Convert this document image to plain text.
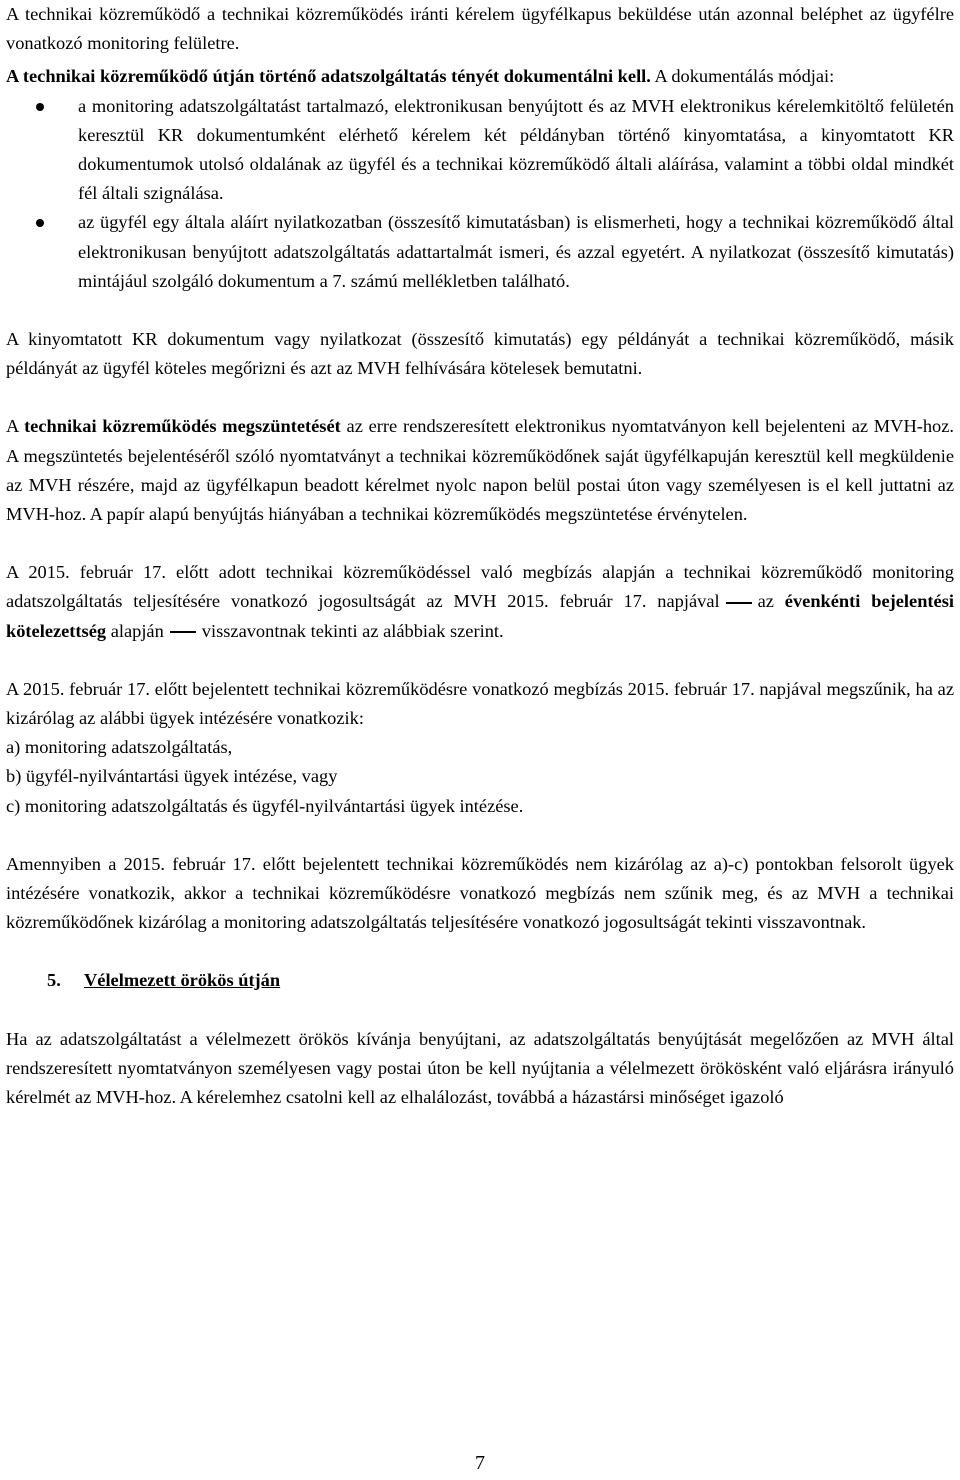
A technikai közreműködő a technikai közreműködés iránti kérelem ügyfélkapus beküldése után azonnal beléphet az ügyfélre vonatkozó monitoring felületre.

A technikai közreműködő útján történő adatszolgáltatás tényét dokumentálni kell. A dokumentálás módjai:

a monitoring adatszolgáltatást tartalmazó, elektronikusan benyújtott és az MVH elektronikus kérelemkitöltő felületén keresztül KR dokumentumként elérhető kérelem két példányban történő kinyomtatása, a kinyomtatott KR dokumentumok utolsó oldalának az ügyfél és a technikai közreműködő általi aláírása, valamint a többi oldal mindkét fél általi szignálása.
az ügyfél egy általa aláírt nyilatkozatban (összesítő kimutatásban) is elismerheti, hogy a technikai közreműködő által elektronikusan benyújtott adatszolgáltatás adattartalmát ismeri, és azzal egyetért. A nyilatkozat (összesítő kimutatás) mintájául szolgáló dokumentum a 7. számú mellékletben található.

A kinyomtatott KR dokumentum vagy nyilatkozat (összesítő kimutatás) egy példányát a technikai közreműködő, másik példányát az ügyfél köteles megőrizni és azt az MVH felhívására kötelesek bemutatni.

A technikai közreműködés megszüntetését az erre rendszeresített elektronikus nyomtatványon kell bejelenteni az MVH-hoz. A megszüntetés bejelentéséről szóló nyomtatványt a technikai közreműködőnek saját ügyfélkapuján keresztül kell megküldenie az MVH részére, majd az ügyfélkapun beadott kérelmet nyolc napon belül postai úton vagy személyesen is el kell juttatni az MVH-hoz. A papír alapú benyújtás hiányában a technikai közreműködés megszüntetése érvénytelen.

A 2015. február 17. előtt adott technikai közreműködéssel való megbízás alapján a technikai közreműködő monitoring adatszolgáltatás teljesítésére vonatkozó jogosultságát az MVH 2015. február 17. napjával az évenkénti bejelentési kötelezettség alapján visszavontnak tekinti az alábbiak szerint.

A 2015. február 17. előtt bejelentett technikai közreműködésre vonatkozó megbízás 2015. február 17. napjával megszűnik, ha az kizárólag az alábbi ügyek intézésére vonatkozik:

a) monitoring adatszolgáltatás,

b) ügyfél-nyilvántartási ügyek intézése, vagy

c) monitoring adatszolgáltatás és ügyfél-nyilvántartási ügyek intézése.

Amennyiben a 2015. február 17. előtt bejelentett technikai közreműködés nem kizárólag az a)-c) pontokban felsorolt ügyek intézésére vonatkozik, akkor a technikai közreműködésre vonatkozó megbízás nem szűnik meg, és az MVH a technikai közreműködőnek kizárólag a monitoring adatszolgáltatás teljesítésére vonatkozó jogosultságát tekinti visszavontnak.

5. Vélelmezett örökös útján

Ha az adatszolgáltatást a vélelmezett örökös kívánja benyújtani, az adatszolgáltatás benyújtását megelőzően az MVH által rendszeresített nyomtatványon személyesen vagy postai úton be kell nyújtania a vélelmezett örökösként való eljárásra irányuló kérelmét az MVH-hoz. A kérelemhez csatolni kell az elhalálozást, továbbá a házastársi minőséget igazoló

7
